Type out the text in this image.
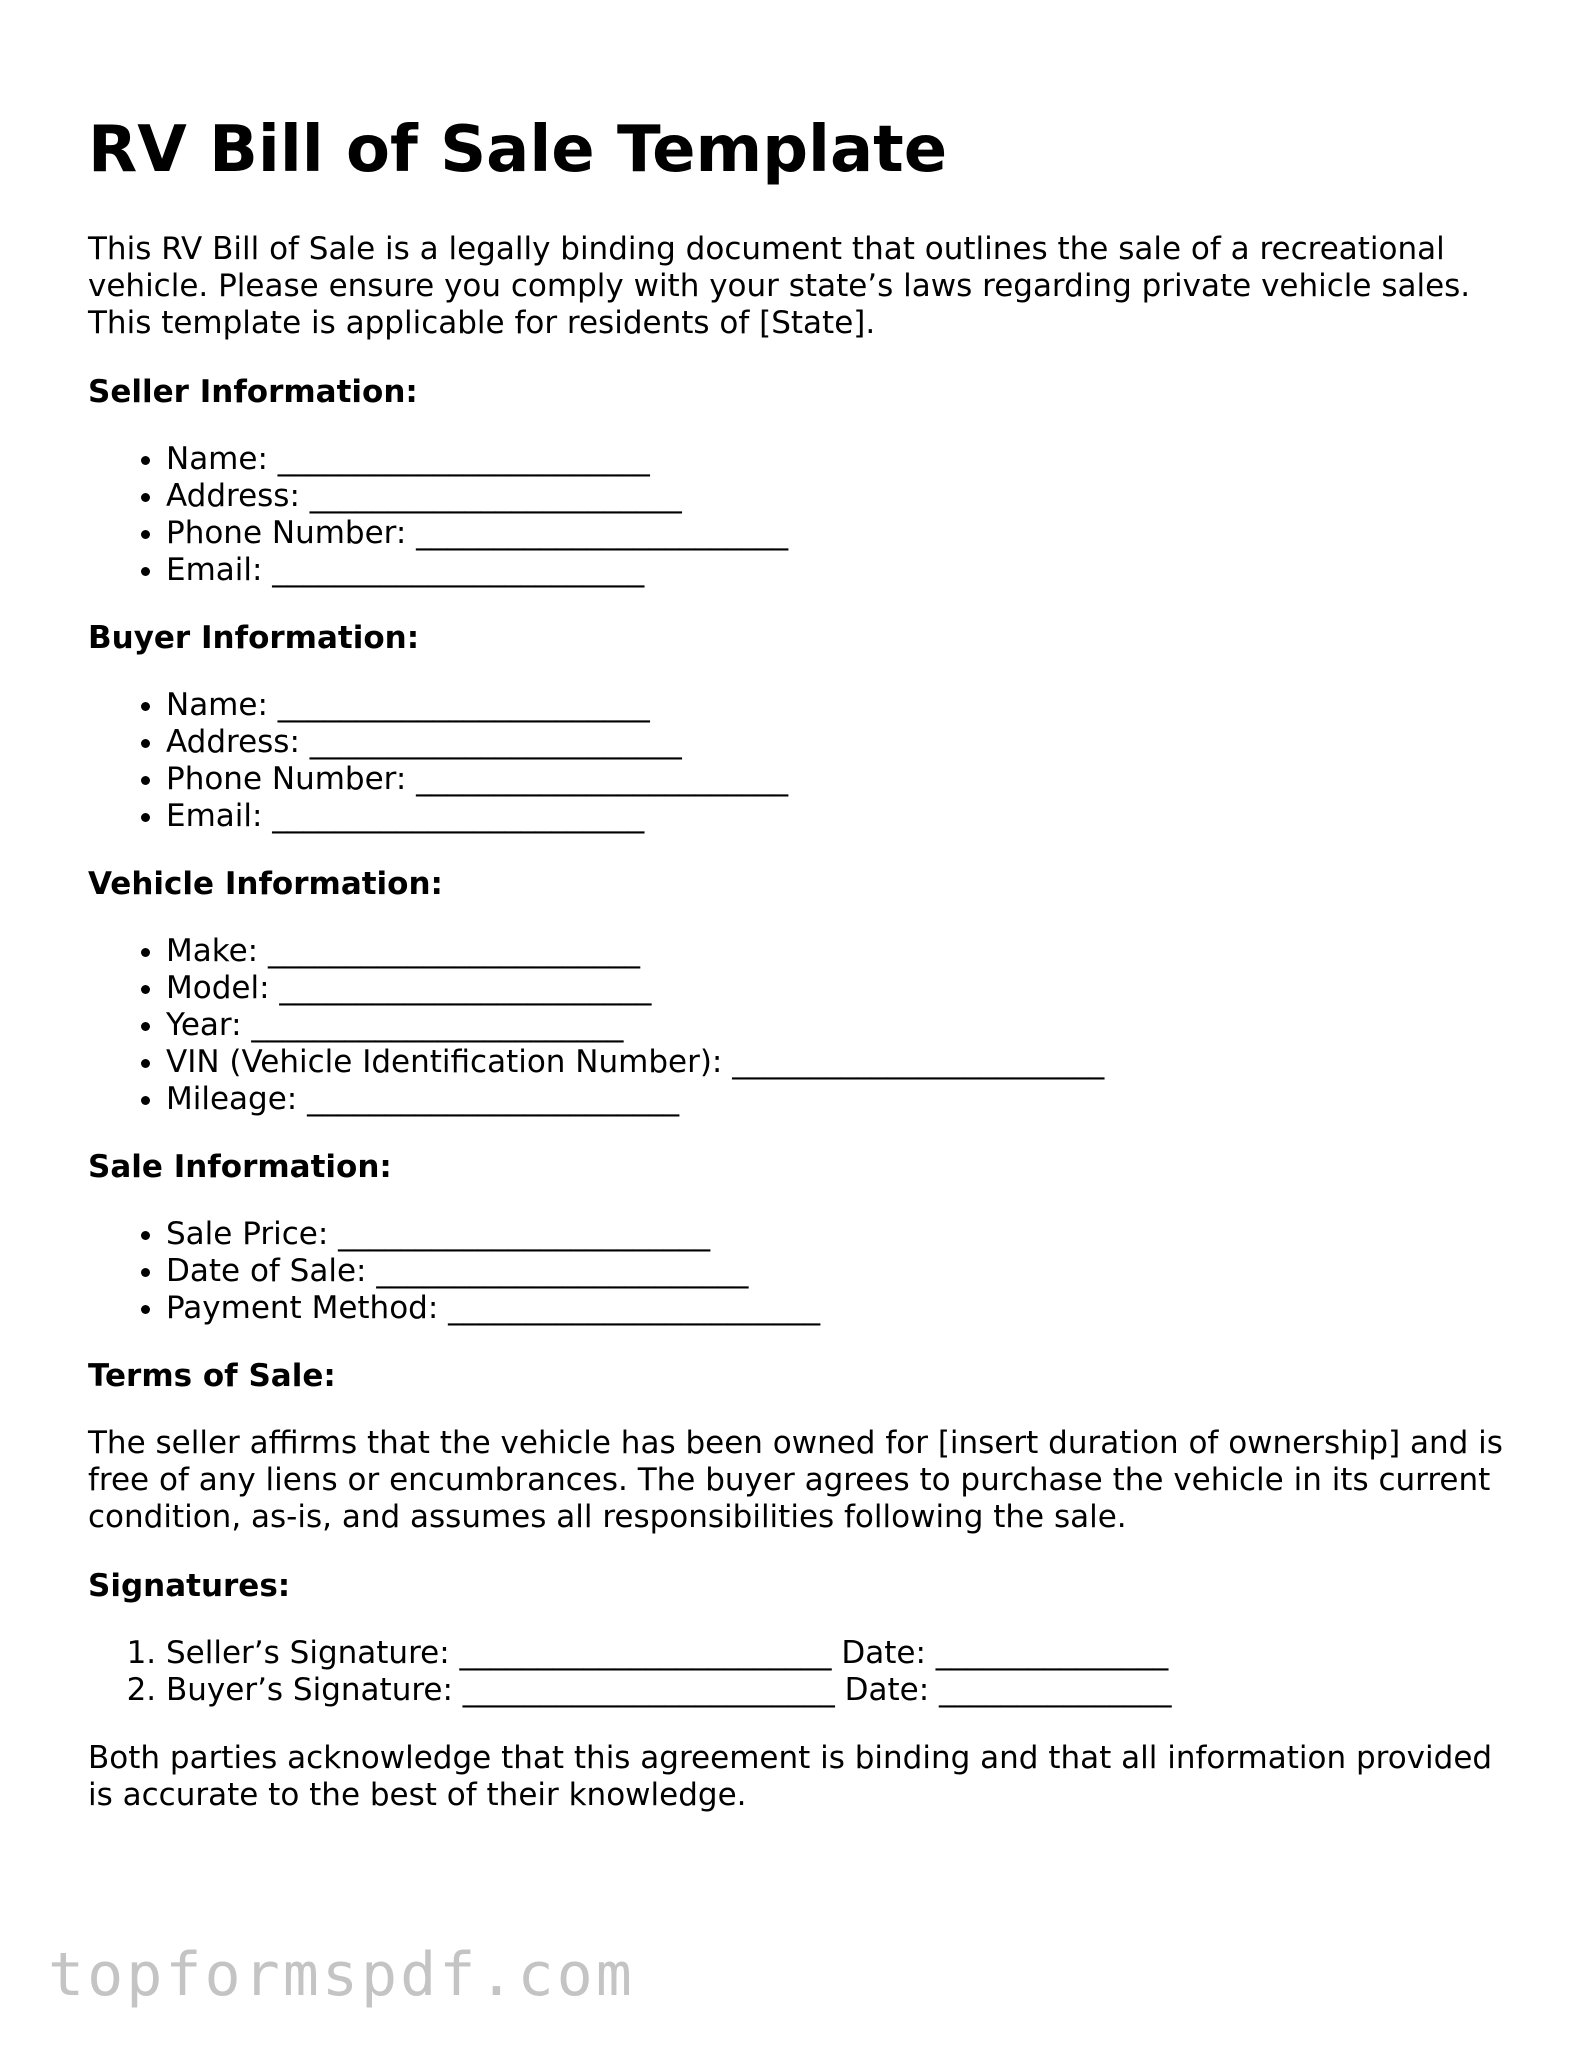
RV Bill of Sale Template

This RV Bill of Sale is a legally binding document that outlines the sale of a recreational vehicle. Please ensure you comply with your state’s laws regarding private vehicle sales. This template is applicable for residents of [State].

Seller Information:
• Name: ________________________
• Address: ________________________
• Phone Number: ________________________
• Email: ________________________
Buyer Information:
• Name: ________________________
• Address: ________________________
• Phone Number: ________________________
• Email: ________________________
Vehicle Information:
• Make: ________________________
• Model: ________________________
• Year: ________________________
• VIN (Vehicle Identification Number): ________________________
• Mileage: ________________________
Sale Information:
• Sale Price: ________________________
• Date of Sale: ________________________
• Payment Method: ________________________
Terms of Sale:

The seller affirms that the vehicle has been owned for [insert duration of ownership] and is free of any liens or encumbrances. The buyer agrees to purchase the vehicle in its current condition, as-is, and assumes all responsibilities following the sale.

Signatures:
1. Seller’s Signature: ________________________ Date: _______________
2. Buyer’s Signature: ________________________ Date: _______________

Both parties acknowledge that this agreement is binding and that all information provided is accurate to the best of their knowledge.

topformspdf.com
